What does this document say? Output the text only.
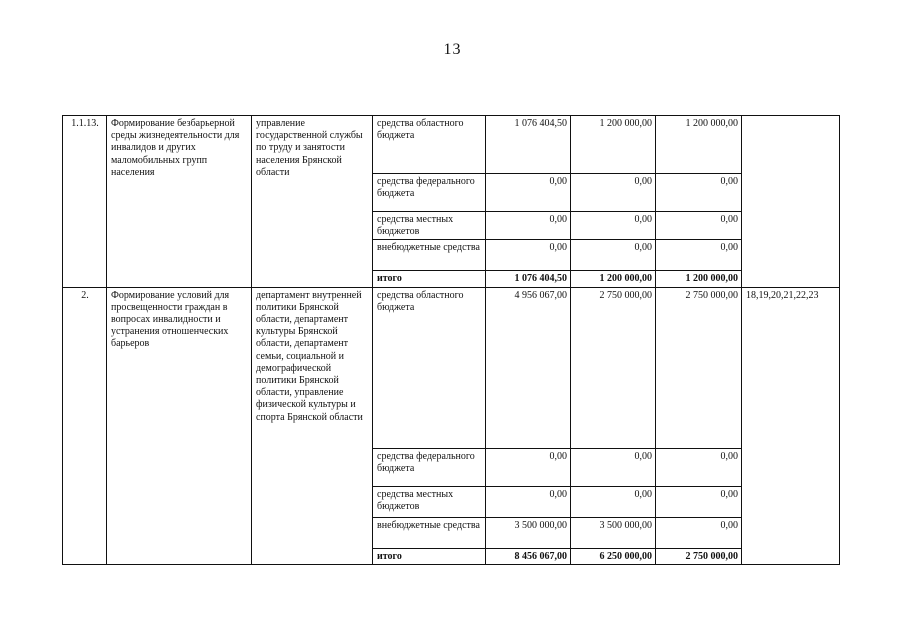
13
1.1.13.	Формирование безбарьерной среды жизнедеятельности для инвалидов и других маломобильных групп населения	управление государственной службы по труду и занятости населения Брянской области	средства областного бюджета	1 076 404,50	1 200 000,00	1 200 000,00	
			средства федерального бюджета	0,00	0,00	0,00	
			средства местных бюджетов	0,00	0,00	0,00	
			внебюджетные средства	0,00	0,00	0,00	
			итого	1 076 404,50	1 200 000,00	1 200 000,00	
2.	Формирование условий для просвещенности граждан в вопросах инвалидности и устранения отношенческих барьеров	департамент внутренней политики Брянской области, департамент культуры Брянской области, департамент семьи, социальной и демографической политики Брянской области, управление физической культуры и спорта Брянской области	средства областного бюджета	4 956 067,00	2 750 000,00	2 750 000,00	18,19,20,21,22,23
			средства федерального бюджета	0,00	0,00	0,00	
			средства местных бюджетов	0,00	0,00	0,00	
			внебюджетные средства	3 500 000,00	3 500 000,00	0,00	
			итого	8 456 067,00	6 250 000,00	2 750 000,00	
